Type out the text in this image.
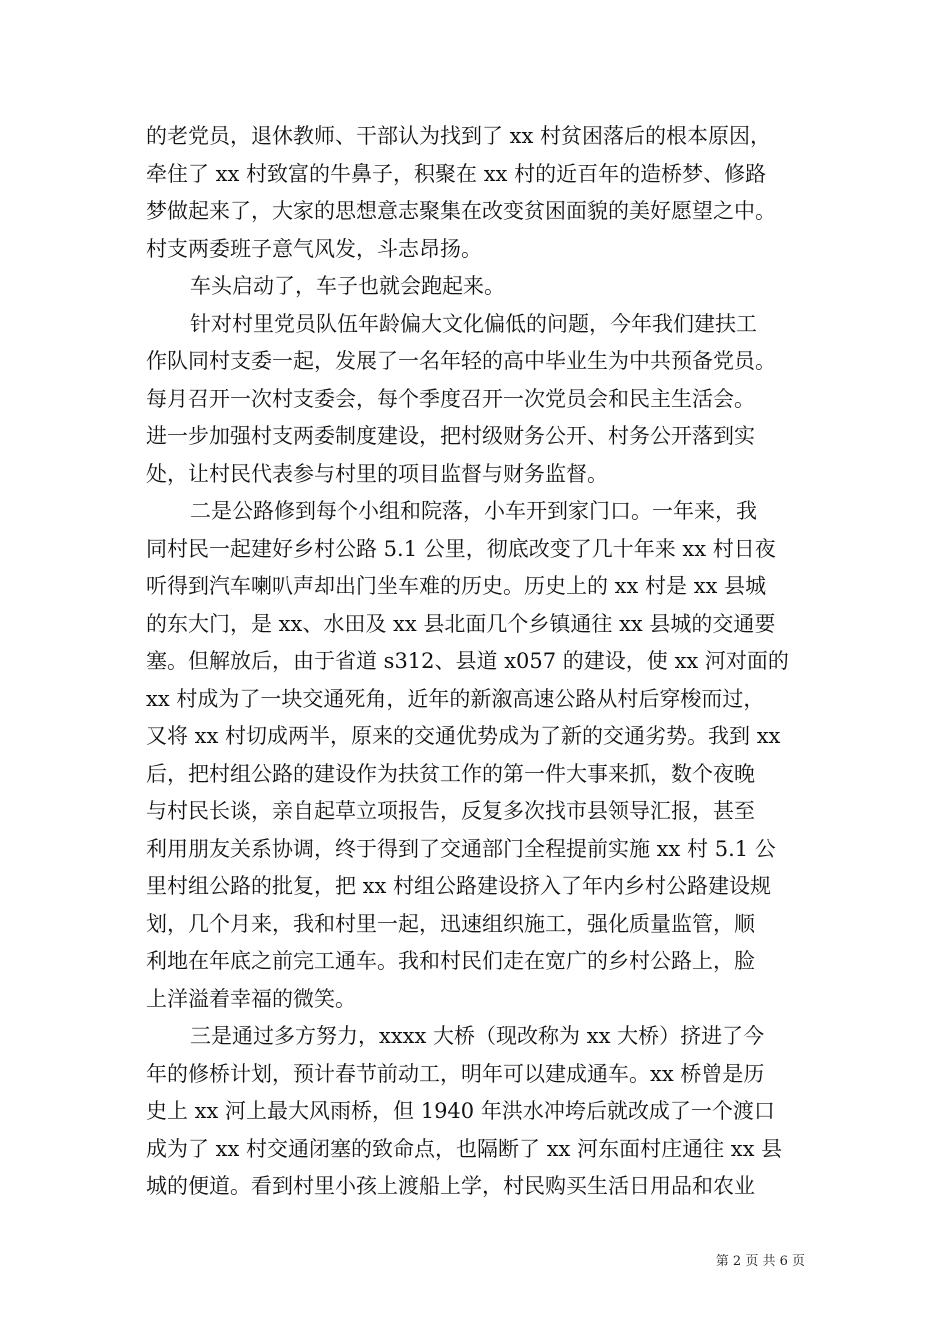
的老党员，退休教师、干部认为找到了 xx 村贫困落后的根本原因，
牵住了 xx 村致富的牛鼻子，积聚在 xx 村的近百年的造桥梦、修路
梦做起来了，大家的思想意志聚集在改变贫困面貌的美好愿望之中。
村支两委班子意气风发，斗志昂扬。
车头启动了，车子也就会跑起来。
针对村里党员队伍年龄偏大文化偏低的问题，今年我们建扶工
作队同村支委一起，发展了一名年轻的高中毕业生为中共预备党员。
每月召开一次村支委会，每个季度召开一次党员会和民主生活会。
进一步加强村支两委制度建设，把村级财务公开、村务公开落到实
处，让村民代表参与村里的项目监督与财务监督。
二是公路修到每个小组和院落，小车开到家门口。一年来，我
同村民一起建好乡村公路 5.1 公里，彻底改变了几十年来 xx 村日夜
听得到汽车喇叭声却出门坐车难的历史。历史上的 xx 村是 xx 县城
的东大门，是 xx、水田及 xx 县北面几个乡镇通往 xx 县城的交通要
塞。但解放后，由于省道 s312、县道 x057 的建设，使 xx 河对面的
xx 村成为了一块交通死角，近年的新溆高速公路从村后穿梭而过，
又将 xx 村切成两半，原来的交通优势成为了新的交通劣势。我到 xx
后，把村组公路的建设作为扶贫工作的第一件大事来抓，数个夜晚
与村民长谈，亲自起草立项报告，反复多次找市县领导汇报，甚至
利用朋友关系协调，终于得到了交通部门全程提前实施 xx 村 5.1 公
里村组公路的批复，把 xx 村组公路建设挤入了年内乡村公路建设规
划，几个月来，我和村里一起，迅速组织施工，强化质量监管，顺
利地在年底之前完工通车。我和村民们走在宽广的乡村公路上，脸
上洋溢着幸福的微笑。
三是通过多方努力，xxxx 大桥（现改称为 xx 大桥）挤进了今
年的修桥计划，预计春节前动工，明年可以建成通车。xx 桥曾是历
史上 xx 河上最大风雨桥，但 1940 年洪水冲垮后就改成了一个渡口
成为了 xx 村交通闭塞的致命点，也隔断了 xx 河东面村庄通往 xx 县
城的便道。看到村里小孩上渡船上学，村民购买生活日用品和农业
第 2 页 共 6 页
